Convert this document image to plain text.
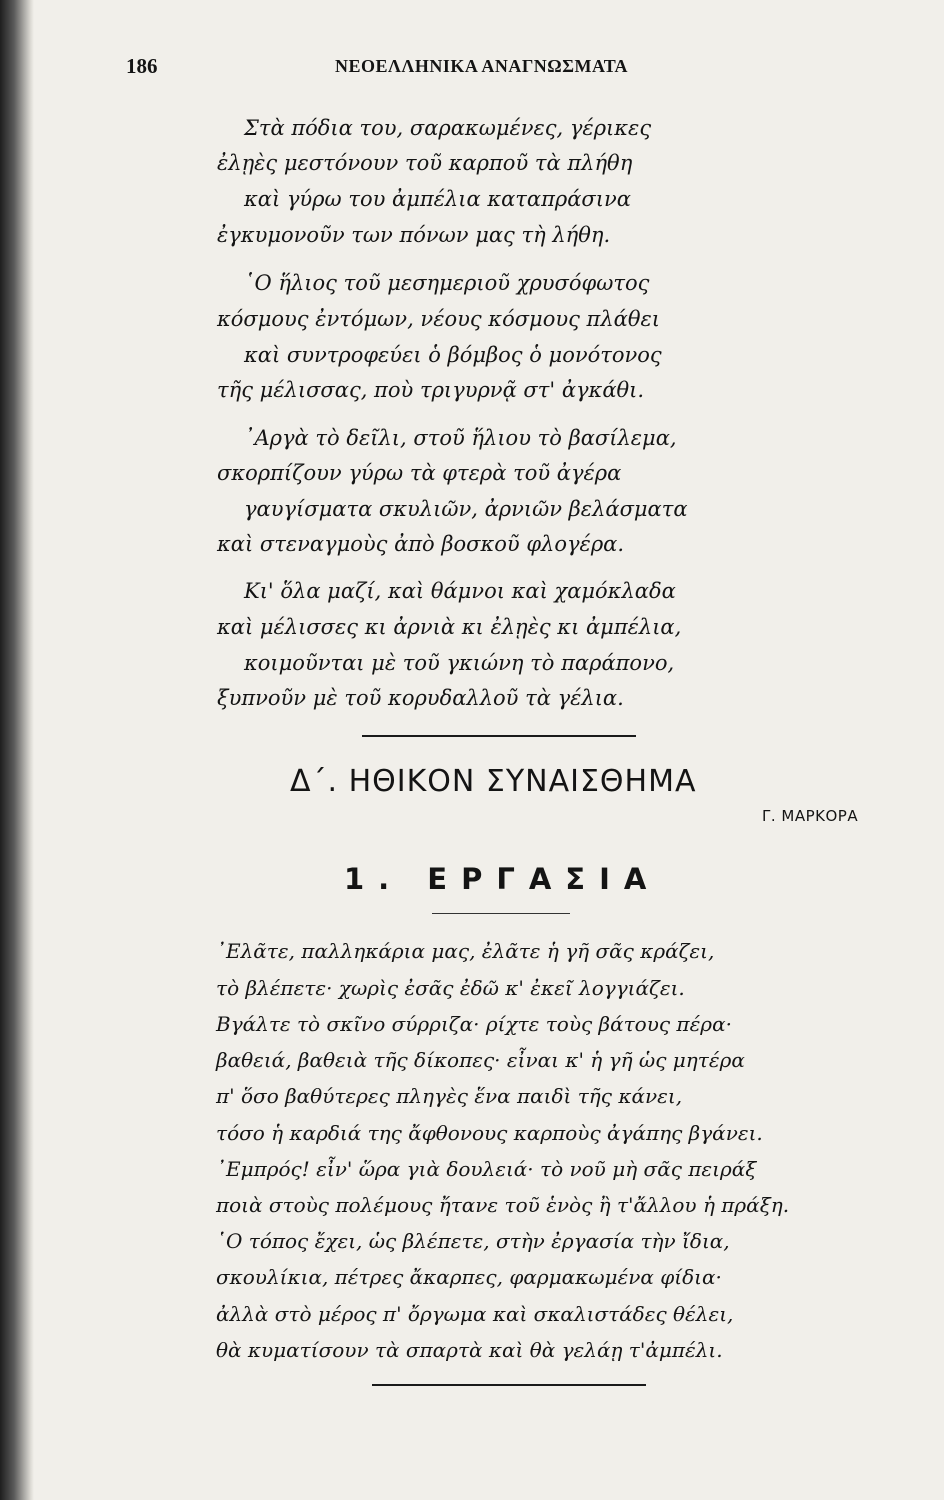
186	ΝΕΟΕΛΛΗΝΙΚΑ ΑΝΑΓΝΩΣΜΑΤΑ
Στὰ πόδια του, σαρακωμένες, γέρικες
ἐλῃὲς μεστόνουν τοῦ καρποῦ τὰ πλήθη
καὶ γύρω του ἀμπέλια καταπράσινα
ἐγκυμονοῦν των πόνων μας τὴ λήθη.
῾Ο ἥλιος τοῦ μεσημεριοῦ χρυσόφωτος
κόσμους ἐντόμων, νέους κόσμους πλάθει
καὶ συντροφεύει ὁ βόμβος ὁ μονότονος
τῆς μέλισσας, ποὺ τριγυρνᾷ στ' ἀγκάθι.
᾿Αργὰ τὸ δεῖλι, στοῦ ἥλιου τὸ βασίλεμα,
σκορπίζουν γύρω τὰ φτερὰ τοῦ ἀγέρα
γαυγίσματα σκυλιῶν, ἀρνιῶν βελάσματα
καὶ στεναγμοὺς ἀπὸ βοσκοῦ φλογέρα.
Κι' ὅλα μαζί, καὶ θάμνοι καὶ χαμόκλαδα
καὶ μέλισσες κι ἀρνιὰ κι ἐλῃὲς κι ἀμπέλια,
κοιμοῦνται μὲ τοῦ γκιώνη τὸ παράπονο,
ξυπνοῦν μὲ τοῦ κορυδαλλοῦ τὰ γέλια.
Δ΄. ΗΘΙΚΟΝ ΣΥΝΑΙΣΘΗΜΑ
Γ. ΜΑΡΚΟΡΑ
1. ΕΡΓΑΣΙΑ
᾿Ελᾶτε, παλληκάρια μας, ἐλᾶτε ἡ γῆ σᾶς κράζει,
τὸ βλέπετε· χωρὶς ἐσᾶς ἐδῶ κ' ἐκεῖ λογγιάζει.
Βγάλτε τὸ σκῖνο σύρριζα· ρίχτε τοὺς βάτους πέρα·
βαθειά, βαθειὰ τῆς δίκοπες· εἶναι κ' ἡ γῆ ὡς μητέρα
π' ὅσο βαθύτερες πληγὲς ἕνα παιδὶ τῆς κάνει,
τόσο ἡ καρδιά της ἄφθονους καρποὺς ἀγάπης βγάνει.
᾿Εμπρός! εἶν' ὥρα γιὰ δουλειά· τὸ νοῦ μὴ σᾶς πειράξ
ποιὰ στοὺς πολέμους ἤτανε τοῦ ἑνὸς ἢ τ'ἄλλου ἡ πράξη.
῾Ο τόπος ἔχει, ὡς βλέπετε, στὴν ἐργασία τὴν ἴδια,
σκουλίκια, πέτρες ἄκαρπες, φαρμακωμένα φίδια·
ἀλλὰ στὸ μέρος π' ὄργωμα καὶ σκαλιστάδες θέλει,
θὰ κυματίσουν τὰ σπαρτὰ καὶ θὰ γελάῃ τ'ἀμπέλι.
